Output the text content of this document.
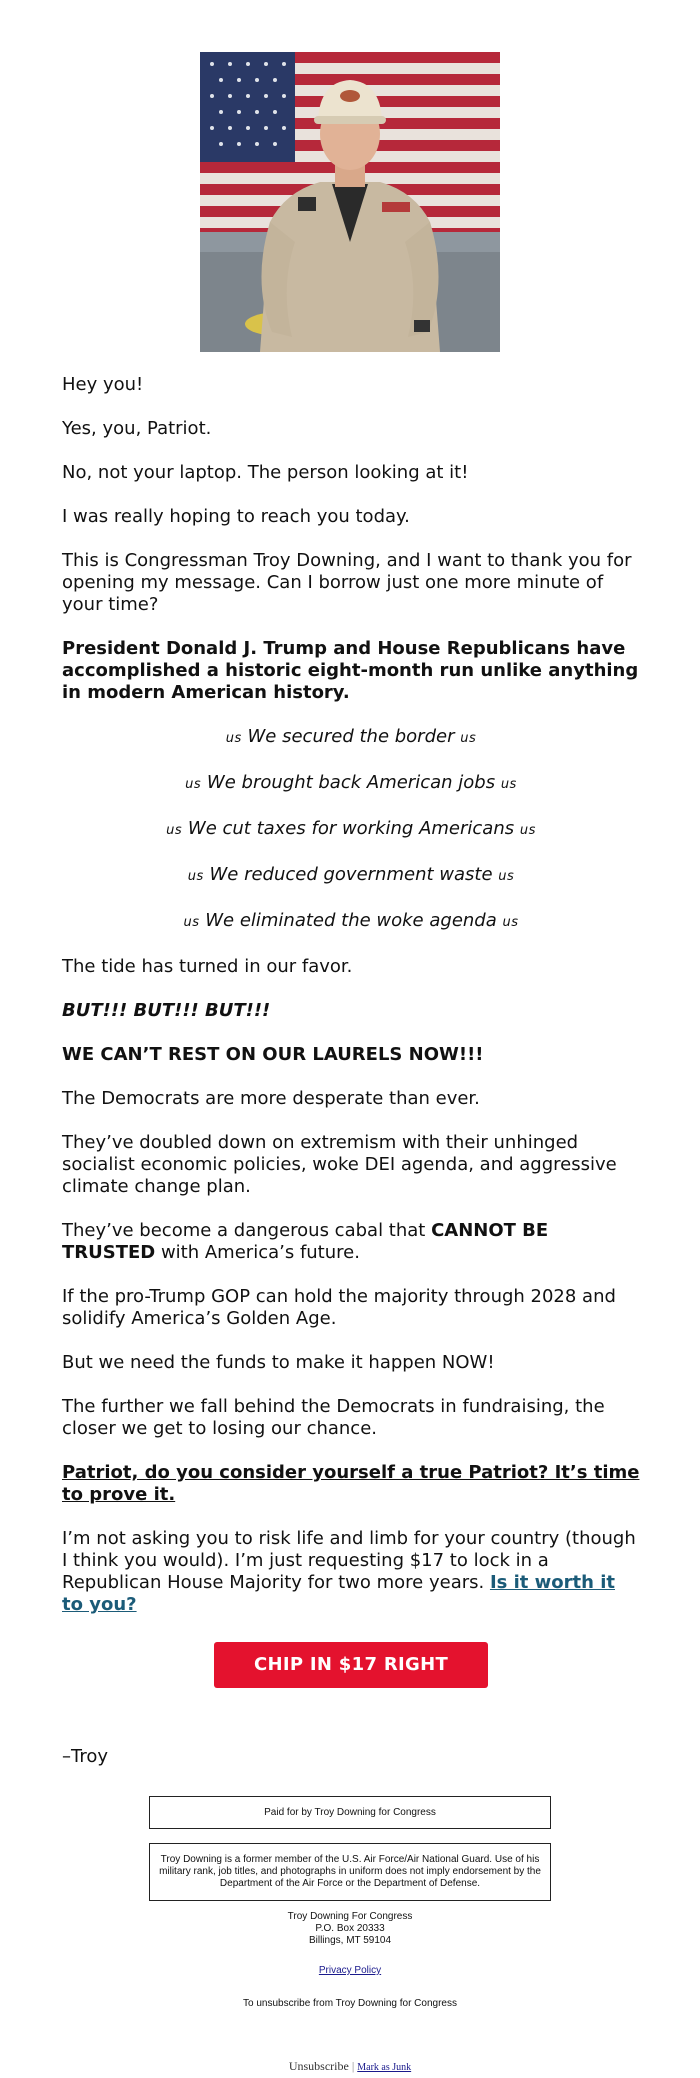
Hey you!

Yes, you, Patriot.

No, not your laptop. The person looking at it!

I was really hoping to reach you today.

This is Congressman Troy Downing, and I want to thank you for opening my message. Can I borrow just one more minute of your time?

President Donald J. Trump and House Republicans have accomplished a historic eight-month run unlike anything in modern American history.

us We secured the border us

us We brought back American jobs us

us We cut taxes for working Americans us

us We reduced government waste us

us We eliminated the woke agenda us

The tide has turned in our favor.

BUT!!! BUT!!! BUT!!!

WE CAN’T REST ON OUR LAURELS NOW!!!

The Democrats are more desperate than ever.

They’ve doubled down on extremism with their unhinged socialist economic policies, woke DEI agenda, and aggressive climate change plan.

They’ve become a dangerous cabal that CANNOT BE TRUSTED with America’s future.

If the pro-Trump GOP can hold the majority through 2028 and solidify America’s Golden Age.

But we need the funds to make it happen NOW!

The further we fall behind the Democrats in fundraising, the closer we get to losing our chance.

Patriot, do you consider yourself a true Patriot? It’s time to prove it.

I’m not asking you to risk life and limb for your country (though I think you would). I’m just requesting $17 to lock in a Republican House Majority for two more years. Is it worth it to you?

CHIP IN $17 RIGHT NOW

–Troy

Paid for by Troy Downing for Congress
Troy Downing is a former member of the U.S. Air Force/Air National Guard. Use of his military rank, job titles, and photographs in uniform does not imply endorsement by the Department of the Air Force or the Department of Defense.
Troy Downing For Congress
P.O. Box 20333
Billings, MT 59104
Privacy Policy
To unsubscribe from Troy Downing for Congress
Unsubscribe | Mark as Junk
